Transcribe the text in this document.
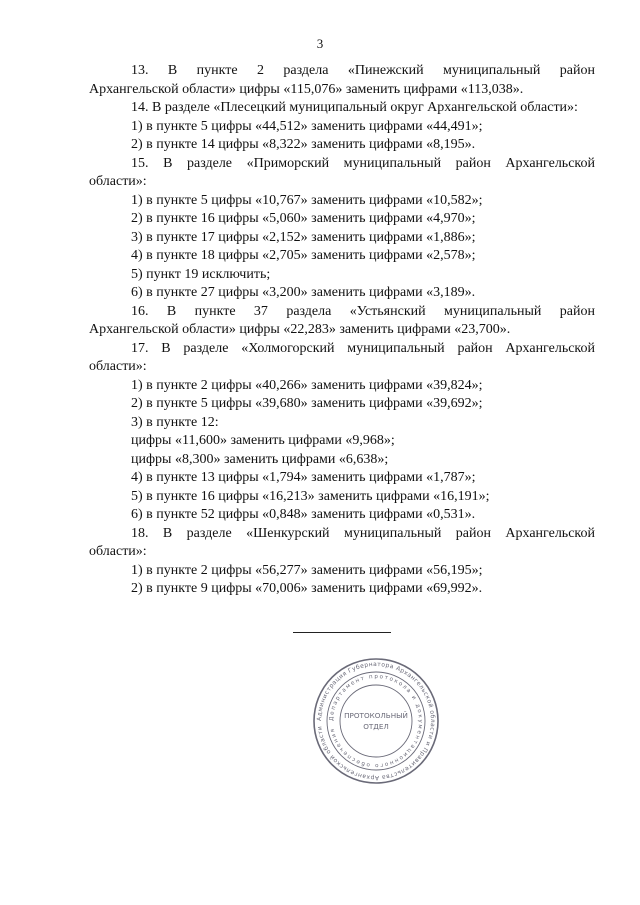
3
13. В пункте 2 раздела «Пинежский муниципальный район
Архангельской области» цифры «115,076» заменить цифрами «113,038».
14. В разделе «Плесецкий муниципальный округ Архангельской области»:
1) в пункте 5 цифры «44,512» заменить цифрами «44,491»;
2) в пункте 14 цифры «8,322» заменить цифрами «8,195».
15. В разделе «Приморский муниципальный район Архангельской
области»:
1) в пункте 5 цифры «10,767» заменить цифрами «10,582»;
2) в пункте 16 цифры «5,060» заменить цифрами «4,970»;
3) в пункте 17 цифры «2,152» заменить цифрами «1,886»;
4) в пункте 18 цифры «2,705» заменить цифрами «2,578»;
5) пункт 19 исключить;
6) в пункте 27 цифры «3,200» заменить цифрами «3,189».
16. В пункте 37 раздела «Устьянский муниципальный район
Архангельской области» цифры «22,283» заменить цифрами «23,700».
17. В разделе «Холмогорский муниципальный район Архангельской
области»:
1) в пункте 2 цифры «40,266» заменить цифрами «39,824»;
2) в пункте 5 цифры «39,680» заменить цифрами «39,692»;
3) в пункте 12:
цифры «11,600» заменить цифрами «9,968»;
цифры «8,300» заменить цифрами «6,638»;
4) в пункте 13 цифры «1,794» заменить цифрами «1,787»;
5) в пункте 16 цифры «16,213» заменить цифрами «16,191»;
6) в пункте 52 цифры «0,848» заменить цифрами «0,531».
18. В разделе «Шенкурский муниципальный район Архангельской
области»:
1) в пункте 2 цифры «56,277» заменить цифрами «56,195»;
2) в пункте 9 цифры «70,006» заменить цифрами «69,992».
Администрация Губернатора Архангельской области и Правительства Архангельской области
Департамент протокола и документационного обеспечения
ПРОТОКОЛЬНЫЙ
ОТДЕЛ
